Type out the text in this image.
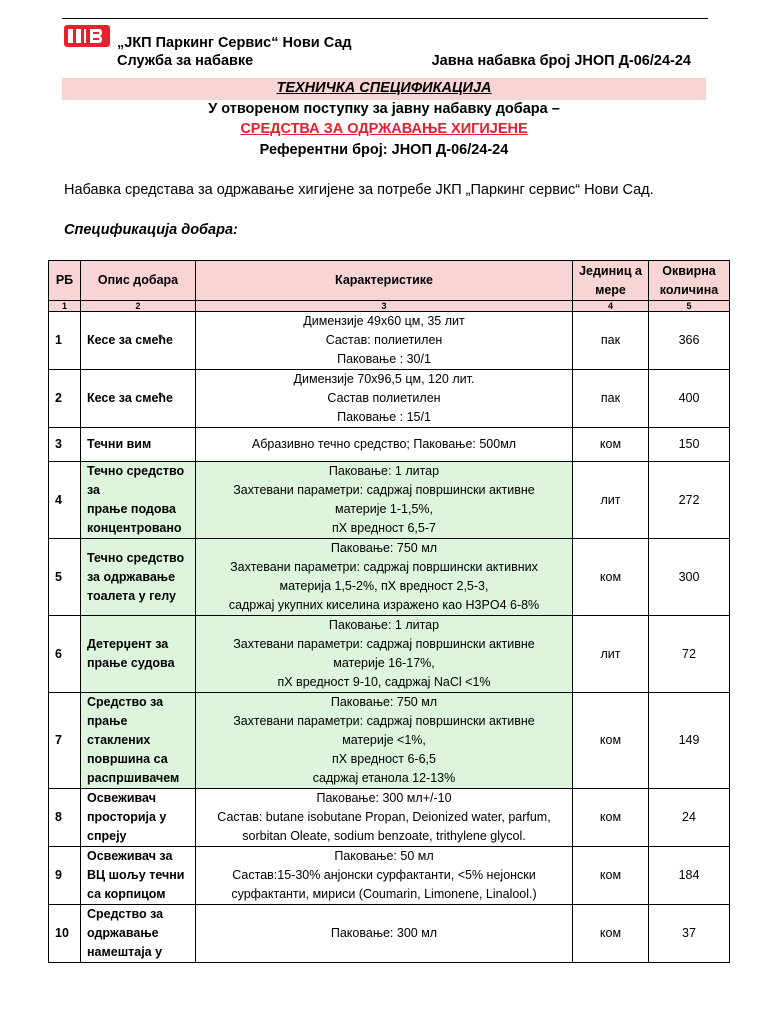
„ЈКП Паркинг Сервис“ Нови Сад
Служба за набавке	Јавна набавка број ЈНОП Д-06/24-24
ТЕХНИЧКА СПЕЦИФИКАЦИЈА
У отвореном поступку за јавну набавку добара –
СРЕДСТВА ЗА ОДРЖАВАЊЕ ХИГИЈЕНЕ
Референтни број: ЈНОП Д-06/24-24
Набавка средстава за одржавање хигијене за потребе ЈКП „Паркинг сервис“ Нови Сад.
Спецификација добара:
РБ	Опис добара	Карактеристике	Јединиц а мере	Оквирна количина
1	2	3	4	5
1	Кесе за смеће	Димензије 49x60 цм, 35 лит
Састав: полиетилен
Паковање : 30/1	пак	366
2	Кесе за смеће	Димензије 70x96,5 цм, 120 лит.
Састав полиетилен
Паковање : 15/1	пак	400
3	Течни вим	Абразивно течно средство; Паковање: 500мл	ком	150
4	Течно средство
за
прање подова
концентровано	Паковање: 1 литар
Захтевани параметри: садржај површински активне
материје 1-1,5%,
пХ вредност 6,5-7	лит	272
5	Течно средство
за одржавање
тоалета у гелу	Паковање: 750 мл
Захтевани параметри: садржај површински активних
материја 1,5-2%, пХ вредност 2,5-3,
садржај укупних киселина изражено као H3PO4 6-8%	ком	300
6	Детерџент за
прање судова	Паковање: 1 литар
Захтевани параметри: садржај површински активне
материје 16-17%,
пХ вредност 9-10, садржај NaCl <1%	лит	72
7	Средство за
прање стаклених
површина са
распршивачем	Паковање: 750 мл
Захтевани параметри: садржај површински активне
материје <1%,
пХ вредност 6-6,5
садржај етанола 12-13%	ком	149
8	Освеживач
просторија у
спреју	Паковање: 300 мл+/-10
Састав: butane isobutane Propan, Deionized water, parfum,
sorbitan Oleate, sodium benzoate, trithylene glycol.	ком	24
9	Освеживач за
ВЦ шољу течни
са корпицом	Паковање: 50 мл
Састав:15-30% анјонски сурфактанти, <5% нејонски
сурфактанти, мириси (Coumarin, Limonene, Linalool.)	ком	184
10	Средство за
одржавање
намештаја у	Паковање: 300 мл	ком	37
